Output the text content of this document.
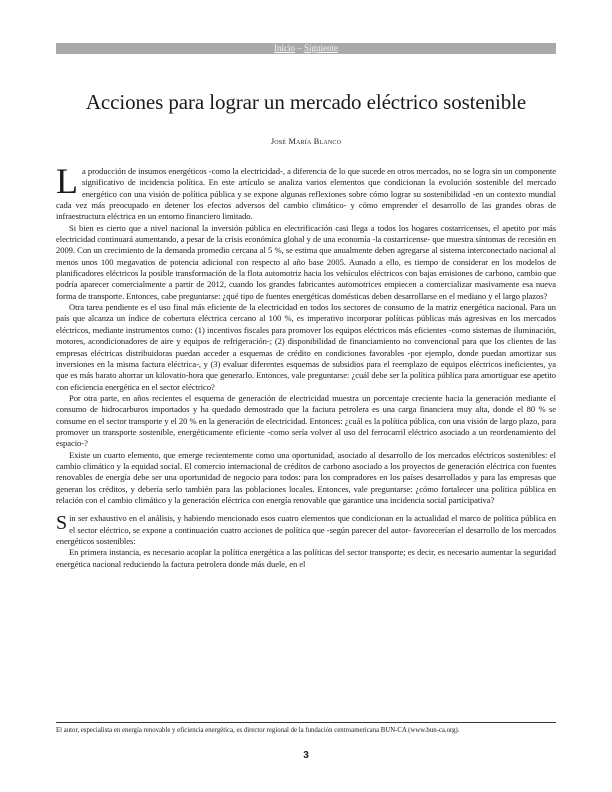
Inicio – Siguiente
Acciones para lograr un mercado eléctrico sostenible
José María Blanco

La producción de insumos energéticos -como la electricidad-, a diferencia de lo que sucede en otros mercados, no se logra sin un componente significativo de incidencia política. En este artículo se analiza varios elementos que condicionan la evolución sostenible del mercado energético con una visión de política pública y se expone algunas reflexiones sobre cómo lograr su sostenibilidad -en un contexto mundial cada vez más preocupado en detener los efectos adversos del cambio climático- y cómo emprender el desarrollo de las grandes obras de infraestructura eléctrica en un entorno financiero limitado.

Si bien es cierto que a nivel nacional la inversión pública en electrificación casi llega a todos los hogares costarricenses, el apetito por más electricidad continuará aumentando, a pesar de la crisis económica global y de una economía -la costarricense- que muestra síntomas de recesión en 2009. Con un crecimiento de la demanda promedio cercana al 5 %, se estima que anualmente deben agregarse al sistema interconectado nacional al menos unos 100 megavatios de potencia adicional con respecto al año base 2005. Aunado a ello, es tiempo de considerar en los modelos de planificadores eléctricos la posible transformación de la flota automotriz hacia los vehículos eléctricos con bajas emisiones de carbono, cambio que podría aparecer comercialmente a partir de 2012, cuando los grandes fabricantes automotrices empiecen a comercializar masivamente esa nueva forma de transporte. Entonces, cabe preguntarse: ¿qué tipo de fuentes energéticas domésticas deben desarrollarse en el mediano y el largo plazos?

Otra tarea pendiente es el uso final más eficiente de la electricidad en todos los sectores de consumo de la matriz energética nacional. Para un país que alcanza un índice de cobertura eléctrica cercano al 100 %, es imperativo incorporar políticas públicas más agresivas en los mercados eléctricos, mediante instrumentos como: (1) incentivos fiscales para promover los equipos eléctricos más eficientes -como sistemas de iluminación, motores, acondicionadores de aire y equipos de refrigeración-; (2) disponibilidad de financiamiento no convencional para que los clientes de las empresas eléctricas distribuidoras puedan acceder a esquemas de crédito en condiciones favorables -por ejemplo, donde puedan amortizar sus inversiones en la misma factura eléctrica-, y (3) evaluar diferentes esquemas de subsidios para el reemplazo de equipos eléctricos ineficientes, ya que es más barato ahorrar un kilovatio-hora que generarlo. Entonces, vale preguntarse: ¿cuál debe ser la política pública para amortiguar ese apetito con eficiencia energética en el sector eléctrico?

Por otra parte, en años recientes el esquema de generación de electricidad muestra un porcentaje creciente hacia la generación mediante el consumo de hidrocarburos importados y ha quedado demostrado que la factura petrolera es una carga financiera muy alta, donde el 80 % se consume en el sector transporte y el 20 % en la generación de electricidad. Entonces: ¿cuál es la política pública, con una visión de largo plazo, para promover un transporte sostenible, energéticamente eficiente -como sería volver al uso del ferrocarril eléctrico asociado a un reordenamiento del espacio-?

Existe un cuarto elemento, que emerge recientemente como una oportunidad, asociado al desarrollo de los mercados eléctricos sostenibles: el cambio climático y la equidad social. El comercio internacional de créditos de carbono asociado a los proyectos de generación eléctrica con fuentes renovables de energía debe ser una oportunidad de negocio para todos: para los compradores en los países desarrollados y para las empresas que generan los créditos, y debería serlo también para las poblaciones locales. Entonces, vale preguntarse: ¿cómo fortalecer una política pública en relación con el cambio climático y la generación eléctrica con energía renovable que garantice una incidencia social participativa?

Sin ser exhaustivo en el análisis, y habiendo mencionado esos cuatro elementos que condicionan en la actualidad el marco de política pública en el sector eléctrico, se expone a continuación cuatro acciones de política que -según parecer del autor- favorecerían el desarrollo de los mercados energéticos sostenibles:

En primera instancia, es necesario acoplar la política energética a las políticas del sector transporte; es decir, es necesario aumentar la seguridad energética nacional reduciendo la factura petrolera donde más duele, en el

El autor, especialista en energía renovable y eficiencia energética, es director regional de la fundación centroamericana BUN-CA (www.bun-ca.org).
3
